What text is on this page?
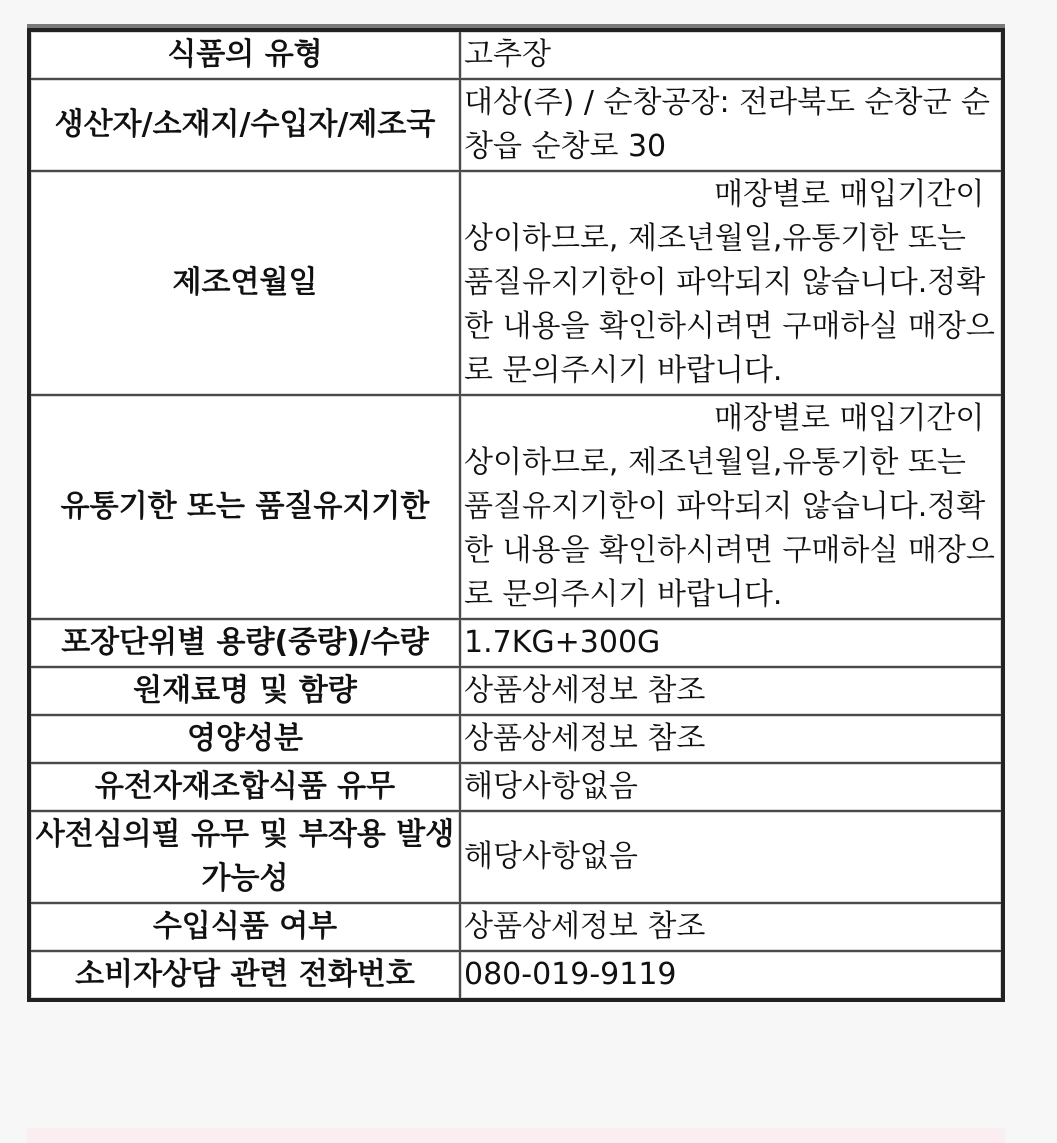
식품의 유형	고추장
생산자/소재지/수입자/제조국	대상(주) / 순창공장: 전라북도 순창군 순창읍 순창로 30
제조연월일	매장별로 매입기간이 상이하므로, 제조년월일,유통기한 또는 품질유지기한이 파악되지 않습니다.정확한 내용을 확인하시려면 구매하실 매장으로 문의주시기 바랍니다.
유통기한 또는 품질유지기한	매장별로 매입기간이 상이하므로, 제조년월일,유통기한 또는 품질유지기한이 파악되지 않습니다.정확한 내용을 확인하시려면 구매하실 매장으로 문의주시기 바랍니다.
포장단위별 용량(중량)/수량	1.7KG+300G
원재료명 및 함량	상품상세정보 참조
영양성분	상품상세정보 참조
유전자재조합식품 유무	해당사항없음
사전심의필 유무 및 부작용 발생가능성	해당사항없음
수입식품 여부	상품상세정보 참조
소비자상담 관련 전화번호	080-019-9119
